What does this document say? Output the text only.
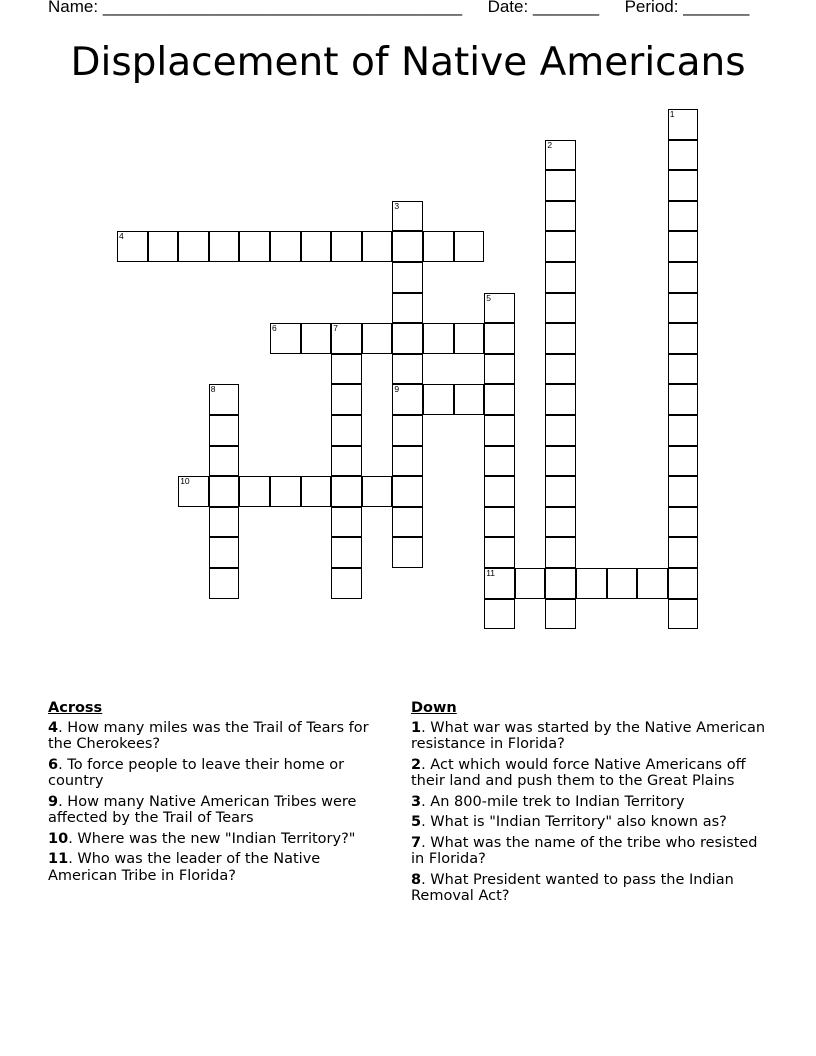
Name: ______________________________________ Date: _______ Period: _______
Displacement of Native Americans
1
2
3
9
4
5
11
6	7
8
10
Across
4. How many miles was the Trail of Tears for the Cherokees?
6. To force people to leave their home or country
9. How many Native American Tribes were affected by the Trail of Tears
10. Where was the new "Indian Territory?"
11. Who was the leader of the Native American Tribe in Florida?
Down
1. What war was started by the Native American resistance in Florida?
2. Act which would force Native Americans off their land and push them to the Great Plains
3. An 800-mile trek to Indian Territory
5. What is "Indian Territory" also known as?
7. What was the name of the tribe who resisted in Florida?
8. What President wanted to pass the Indian Removal Act?
